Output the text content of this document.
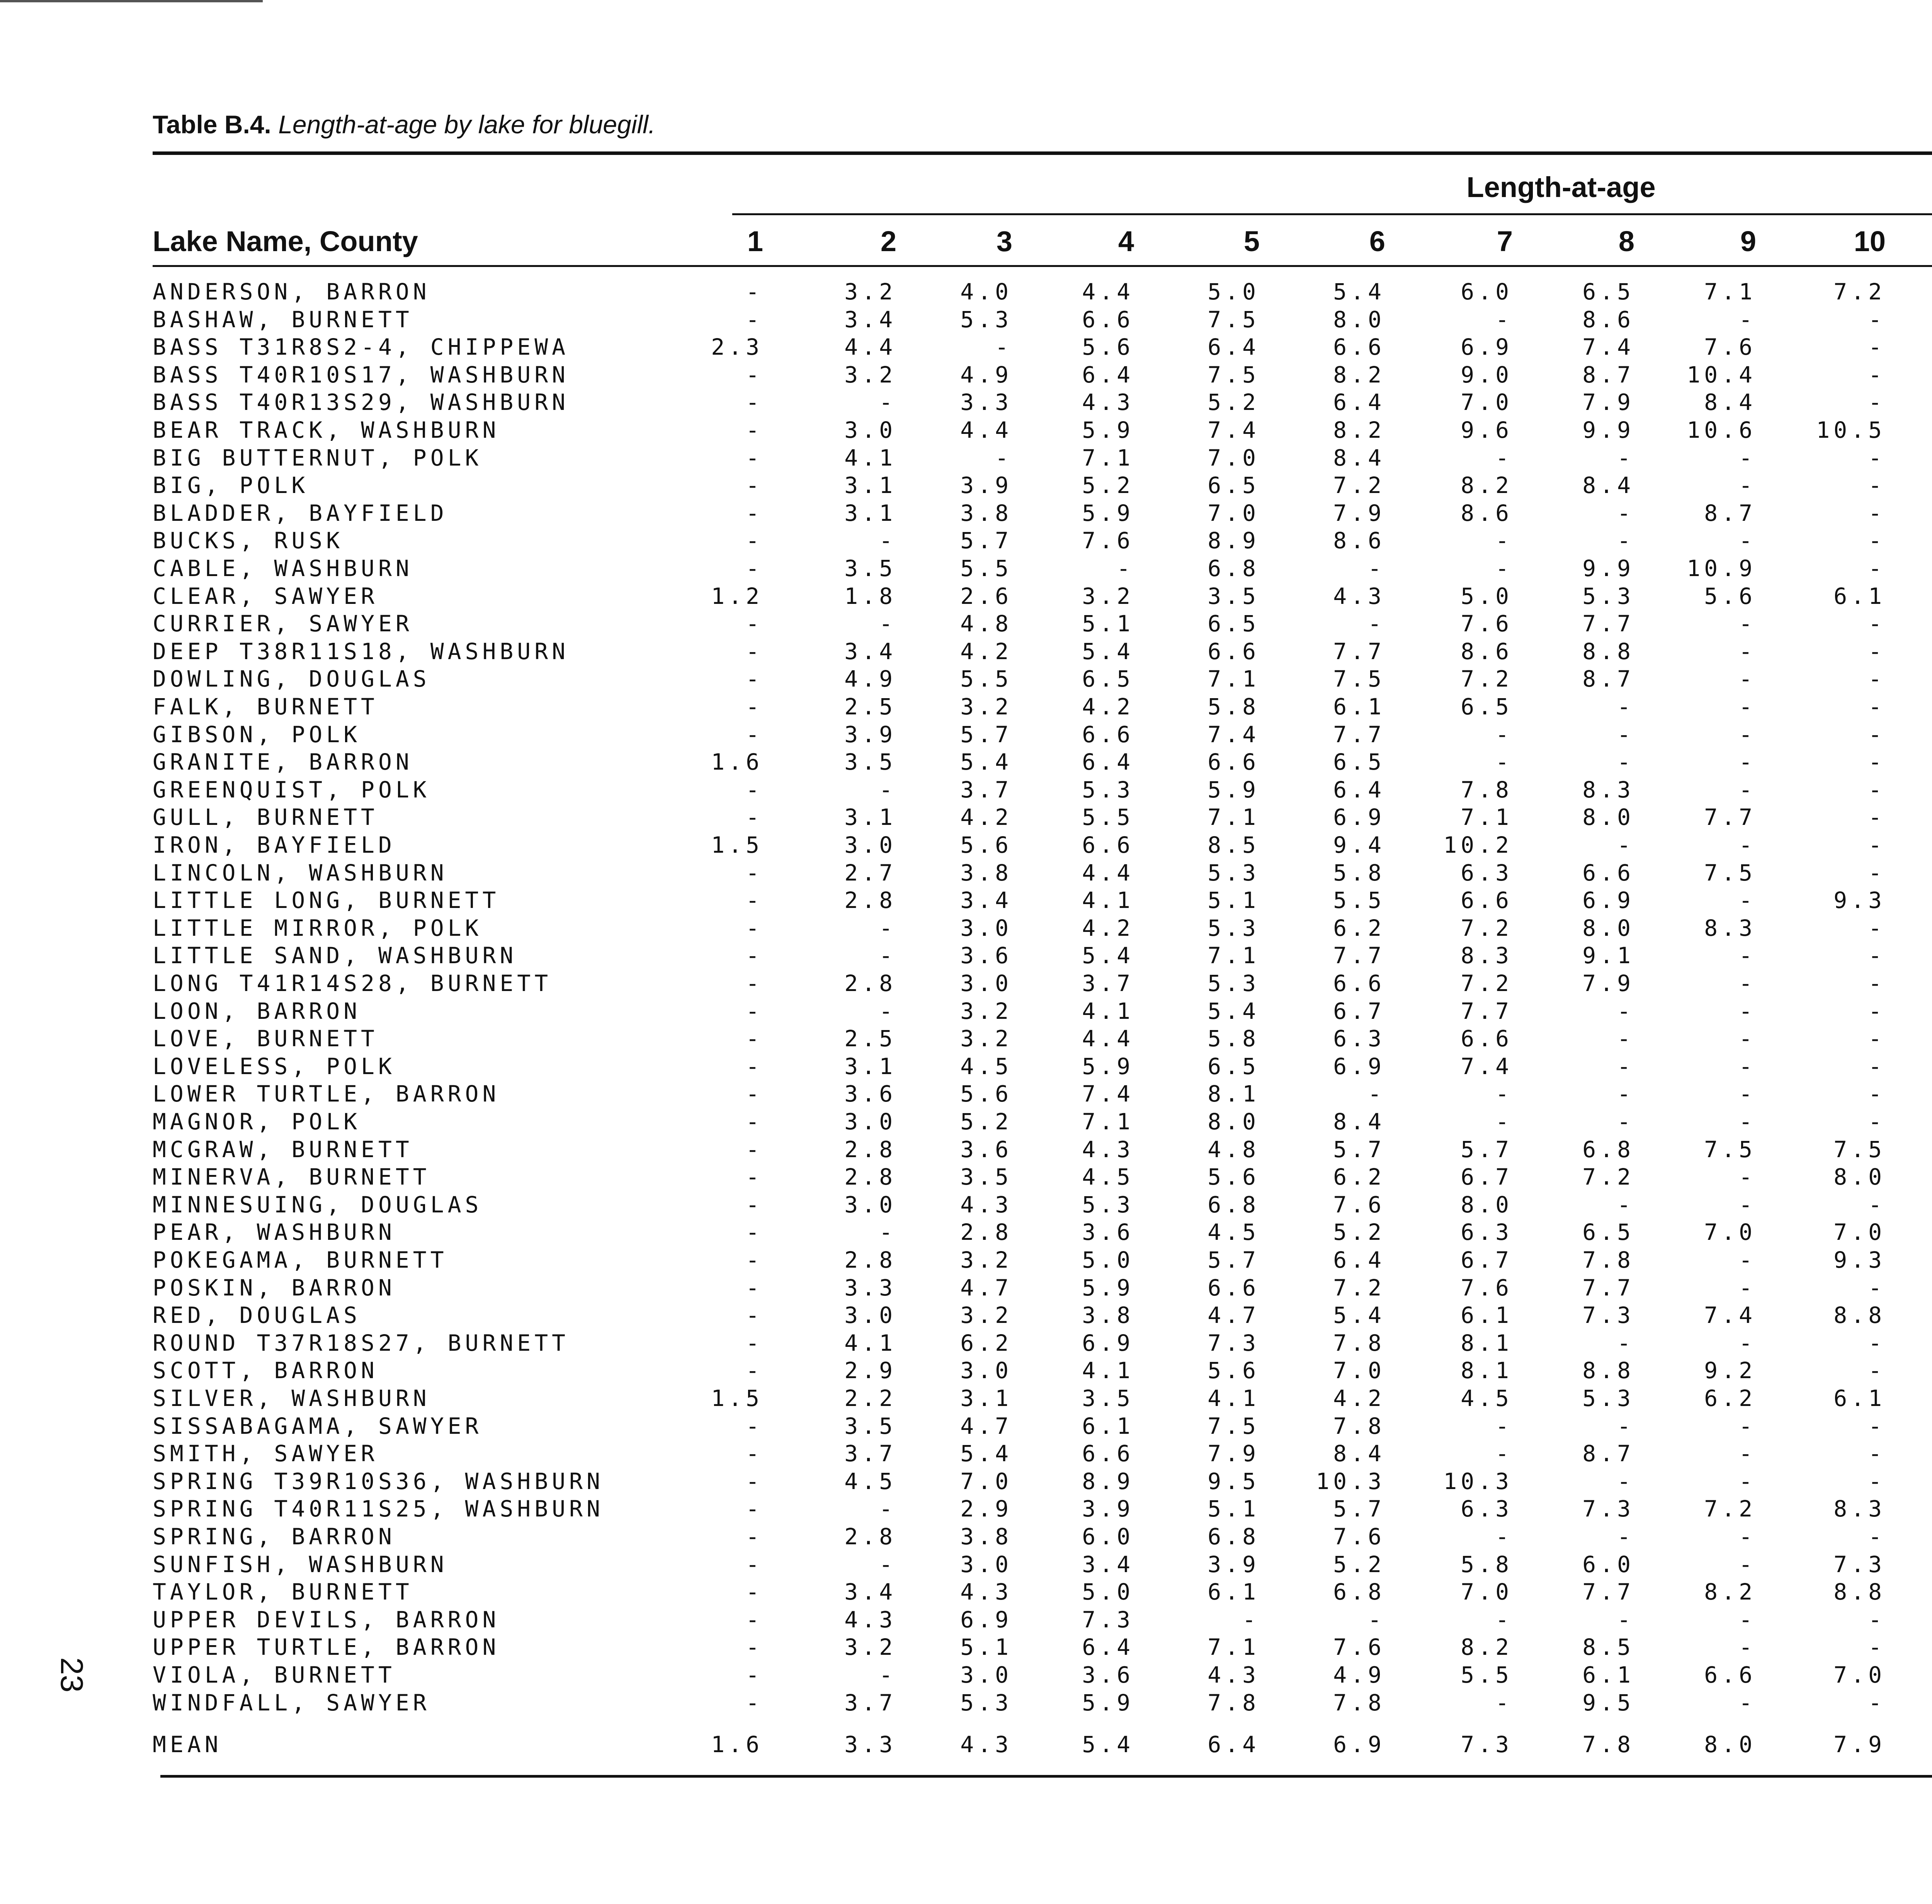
Table B.4. Length-at-age by lake for bluegill.
Length-at-age
Lake Name, County	1	2	3	4	5	6	7	8	9	10
ANDERSON, BARRON	-	3.2	4.0	4.4	5.0	5.4	6.0	6.5	7.1	7.2
BASHAW, BURNETT	-	3.4	5.3	6.6	7.5	8.0	-	8.6	-	-
BASS T31R8S2-4, CHIPPEWA	2.3	4.4	-	5.6	6.4	6.6	6.9	7.4	7.6	-
BASS T40R10S17, WASHBURN	-	3.2	4.9	6.4	7.5	8.2	9.0	8.7	10.4	-
BASS T40R13S29, WASHBURN	-	-	3.3	4.3	5.2	6.4	7.0	7.9	8.4	-
BEAR TRACK, WASHBURN	-	3.0	4.4	5.9	7.4	8.2	9.6	9.9	10.6	10.5
BIG BUTTERNUT, POLK	-	4.1	-	7.1	7.0	8.4	-	-	-	-
BIG, POLK	-	3.1	3.9	5.2	6.5	7.2	8.2	8.4	-	-
BLADDER, BAYFIELD	-	3.1	3.8	5.9	7.0	7.9	8.6	-	8.7	-
BUCKS, RUSK	-	-	5.7	7.6	8.9	8.6	-	-	-	-
CABLE, WASHBURN	-	3.5	5.5	-	6.8	-	-	9.9	10.9	-
CLEAR, SAWYER	1.2	1.8	2.6	3.2	3.5	4.3	5.0	5.3	5.6	6.1
CURRIER, SAWYER	-	-	4.8	5.1	6.5	-	7.6	7.7	-	-
DEEP T38R11S18, WASHBURN	-	3.4	4.2	5.4	6.6	7.7	8.6	8.8	-	-
DOWLING, DOUGLAS	-	4.9	5.5	6.5	7.1	7.5	7.2	8.7	-	-
FALK, BURNETT	-	2.5	3.2	4.2	5.8	6.1	6.5	-	-	-
GIBSON, POLK	-	3.9	5.7	6.6	7.4	7.7	-	-	-	-
GRANITE, BARRON	1.6	3.5	5.4	6.4	6.6	6.5	-	-	-	-
GREENQUIST, POLK	-	-	3.7	5.3	5.9	6.4	7.8	8.3	-	-
GULL, BURNETT	-	3.1	4.2	5.5	7.1	6.9	7.1	8.0	7.7	-
IRON, BAYFIELD	1.5	3.0	5.6	6.6	8.5	9.4	10.2	-	-	-
LINCOLN, WASHBURN	-	2.7	3.8	4.4	5.3	5.8	6.3	6.6	7.5	-
LITTLE LONG, BURNETT	-	2.8	3.4	4.1	5.1	5.5	6.6	6.9	-	9.3
LITTLE MIRROR, POLK	-	-	3.0	4.2	5.3	6.2	7.2	8.0	8.3	-
LITTLE SAND, WASHBURN	-	-	3.6	5.4	7.1	7.7	8.3	9.1	-	-
LONG T41R14S28, BURNETT	-	2.8	3.0	3.7	5.3	6.6	7.2	7.9	-	-
LOON, BARRON	-	-	3.2	4.1	5.4	6.7	7.7	-	-	-
LOVE, BURNETT	-	2.5	3.2	4.4	5.8	6.3	6.6	-	-	-
LOVELESS, POLK	-	3.1	4.5	5.9	6.5	6.9	7.4	-	-	-
LOWER TURTLE, BARRON	-	3.6	5.6	7.4	8.1	-	-	-	-	-
MAGNOR, POLK	-	3.0	5.2	7.1	8.0	8.4	-	-	-	-
MCGRAW, BURNETT	-	2.8	3.6	4.3	4.8	5.7	5.7	6.8	7.5	7.5
MINERVA, BURNETT	-	2.8	3.5	4.5	5.6	6.2	6.7	7.2	-	8.0
MINNESUING, DOUGLAS	-	3.0	4.3	5.3	6.8	7.6	8.0	-	-	-
PEAR, WASHBURN	-	-	2.8	3.6	4.5	5.2	6.3	6.5	7.0	7.0
POKEGAMA, BURNETT	-	2.8	3.2	5.0	5.7	6.4	6.7	7.8	-	9.3
POSKIN, BARRON	-	3.3	4.7	5.9	6.6	7.2	7.6	7.7	-	-
RED, DOUGLAS	-	3.0	3.2	3.8	4.7	5.4	6.1	7.3	7.4	8.8
ROUND T37R18S27, BURNETT	-	4.1	6.2	6.9	7.3	7.8	8.1	-	-	-
SCOTT, BARRON	-	2.9	3.0	4.1	5.6	7.0	8.1	8.8	9.2	-
SILVER, WASHBURN	1.5	2.2	3.1	3.5	4.1	4.2	4.5	5.3	6.2	6.1
SISSABAGAMA, SAWYER	-	3.5	4.7	6.1	7.5	7.8	-	-	-	-
SMITH, SAWYER	-	3.7	5.4	6.6	7.9	8.4	-	8.7	-	-
SPRING T39R10S36, WASHBURN	-	4.5	7.0	8.9	9.5	10.3	10.3	-	-	-
SPRING T40R11S25, WASHBURN	-	-	2.9	3.9	5.1	5.7	6.3	7.3	7.2	8.3
SPRING, BARRON	-	2.8	3.8	6.0	6.8	7.6	-	-	-	-
SUNFISH, WASHBURN	-	-	3.0	3.4	3.9	5.2	5.8	6.0	-	7.3
TAYLOR, BURNETT	-	3.4	4.3	5.0	6.1	6.8	7.0	7.7	8.2	8.8
UPPER DEVILS, BARRON	-	4.3	6.9	7.3	-	-	-	-	-	-
UPPER TURTLE, BARRON	-	3.2	5.1	6.4	7.1	7.6	8.2	8.5	-	-
VIOLA, BURNETT	-	-	3.0	3.6	4.3	4.9	5.5	6.1	6.6	7.0
WINDFALL, SAWYER	-	3.7	5.3	5.9	7.8	7.8	-	9.5	-	-
MEAN	1.6	3.3	4.3	5.4	6.4	6.9	7.3	7.8	8.0	7.9
23
